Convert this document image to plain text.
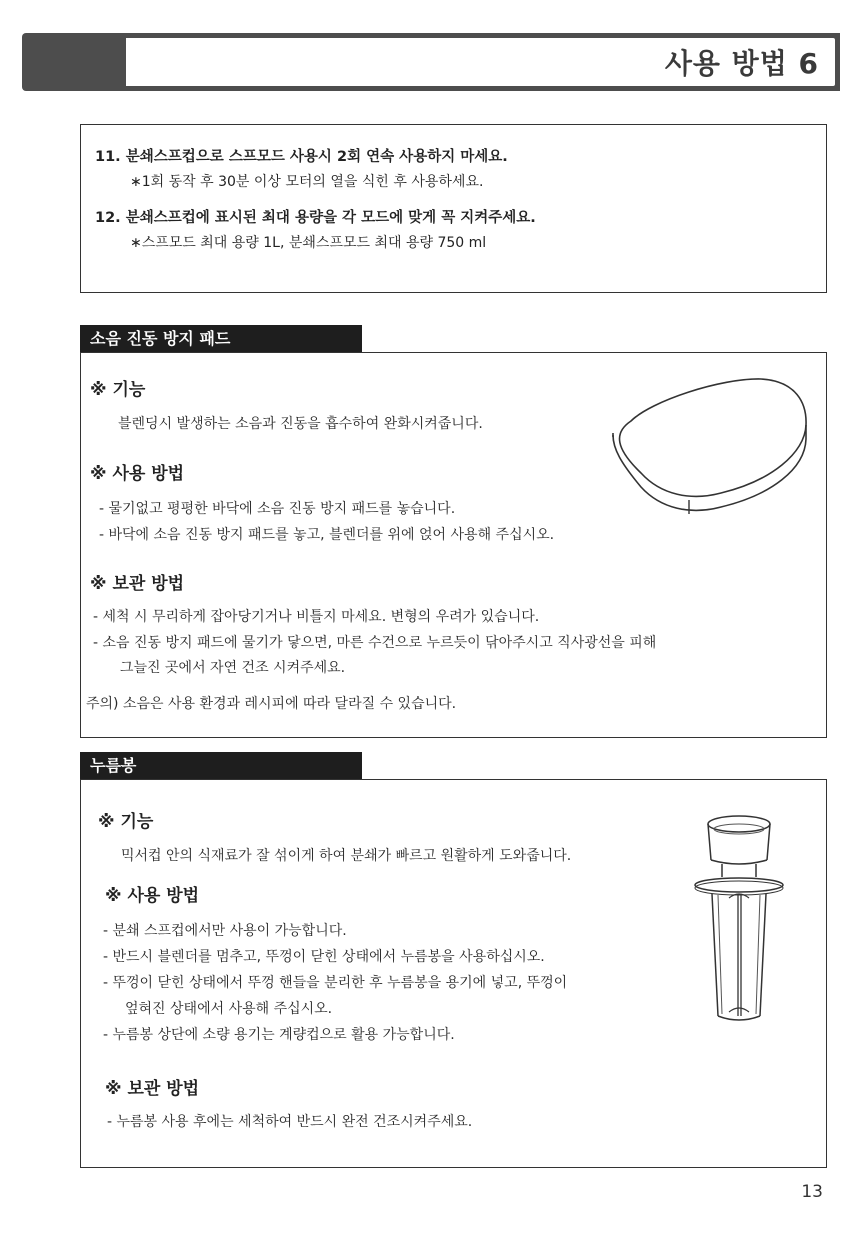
사용 방법 6

11. 분쇄스프컵으로 스프모드 사용시 2회 연속 사용하지 마세요.

∗1회 동작 후 30분 이상 모터의 열을 식힌 후 사용하세요.

12. 분쇄스프컵에 표시된 최대 용량을 각 모드에 맞게 꼭 지켜주세요.

∗스프모드 최대 용량 1L, 분쇄스프모드 최대 용량 750 ml

소음 진동 방지 패드

※ 기능

블렌딩시 발생하는 소음과 진동을 흡수하여 완화시켜줍니다.

※ 사용 방법

- 물기없고 평평한 바닥에 소음 진동 방지 패드를 놓습니다.

- 바닥에 소음 진동 방지 패드를 놓고, 블렌더를 위에 얹어 사용해 주십시오.

※ 보관 방법

- 세척 시 무리하게 잡아당기거나 비틀지 마세요. 변형의 우려가 있습니다.

- 소음 진동 방지 패드에 물기가 닿으면, 마른 수건으로 누르듯이 닦아주시고 직사광선을 피해

그늘진 곳에서 자연 건조 시켜주세요.

주의) 소음은 사용 환경과 레시피에 따라 달라질 수 있습니다.

누름봉

※ 기능

믹서컵 안의 식재료가 잘 섞이게 하여 분쇄가 빠르고 원활하게 도와줍니다.

※ 사용 방법

- 분쇄 스프컵에서만 사용이 가능합니다.

- 반드시 블렌더를 멈추고, 뚜껑이 닫힌 상태에서 누름봉을 사용하십시오.

- 뚜껑이 닫힌 상태에서 뚜껑 핸들을 분리한 후 누름봉을 용기에 넣고, 뚜껑이

엎혀진 상태에서 사용해 주십시오.

- 누름봉 상단에 소량 용기는 계량컵으로 활용 가능합니다.

※ 보관 방법

- 누름봉 사용 후에는 세척하여 반드시 완전 건조시켜주세요.

13
